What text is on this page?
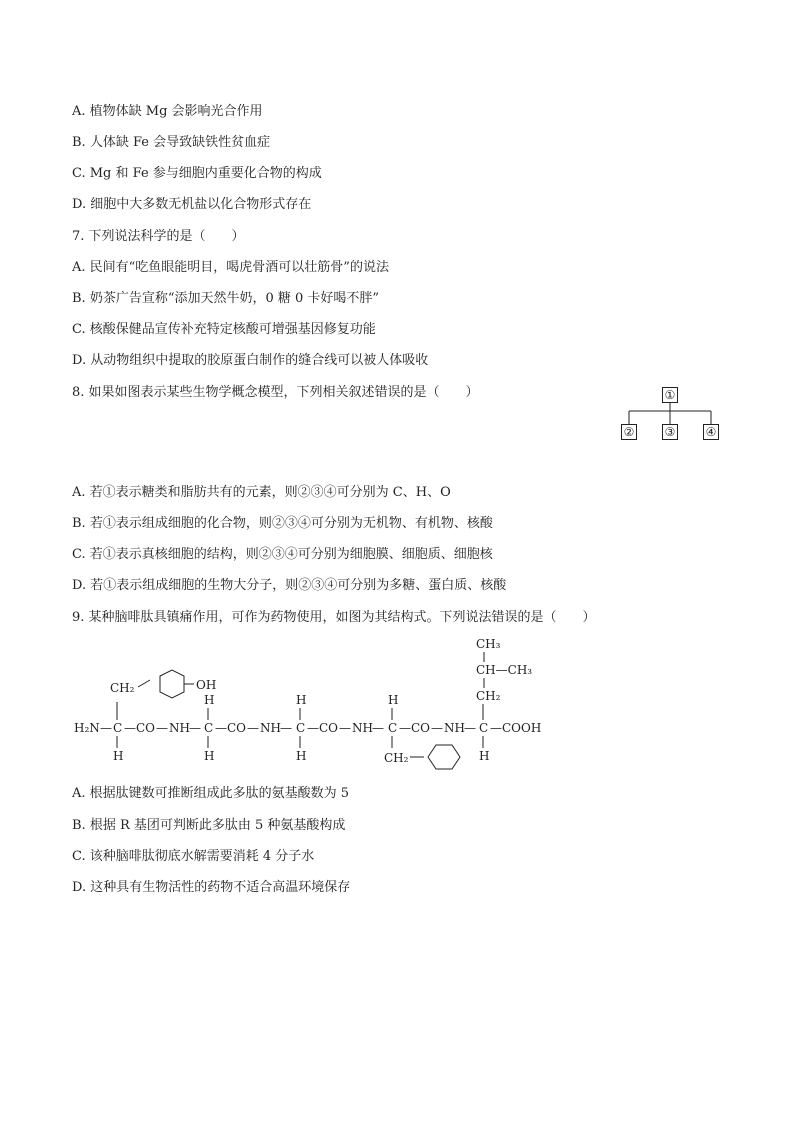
A. 植物体缺 Mg 会影响光合作用
B. 人体缺 Fe 会导致缺铁性贫血症
C. Mg 和 Fe 参与细胞内重要化合物的构成
D. 细胞中大多数无机盐以化合物形式存在
7. 下列说法科学的是（　　）
A. 民间有“吃鱼眼能明目，喝虎骨酒可以壮筋骨”的说法
B. 奶茶广告宣称“添加天然牛奶，0 糖 0 卡好喝不胖”
C. 核酸保健品宣传补充特定核酸可增强基因修复功能
D. 从动物组织中提取的胶原蛋白制作的缝合线可以被人体吸收
8. 如果如图表示某些生物学概念模型，下列相关叙述错误的是（　　）	①
②	③	④
A. 若①表示糖类和脂肪共有的元素，则②③④可分别为 C、H、O
B. 若①表示组成细胞的化合物，则②③④可分别为无机物、有机物、核酸
C. 若①表示真核细胞的结构，则②③④可分别为细胞膜、细胞质、细胞核
D. 若①表示组成细胞的生物大分子，则②③④可分别为多糖、蛋白质、核酸
9. 某种脑啡肽具镇痛作用，可作为药物使用，如图为其结构式。下列说法错误的是（　　）
H₂N — C — CO — NH — C — CO — NH — C — CO — NH — C — CO — NH — C — COOH
CH₂	OH
H
H
H
H
H
H
CH₂
CH₃
CH—CH₃
CH₂
H
A. 根据肽键数可推断组成此多肽的氨基酸数为 5
B. 根据 R 基团可判断此多肽由 5 种氨基酸构成
C. 该种脑啡肽彻底水解需要消耗 4 分子水
D. 这种具有生物活性的药物不适合高温环境保存
